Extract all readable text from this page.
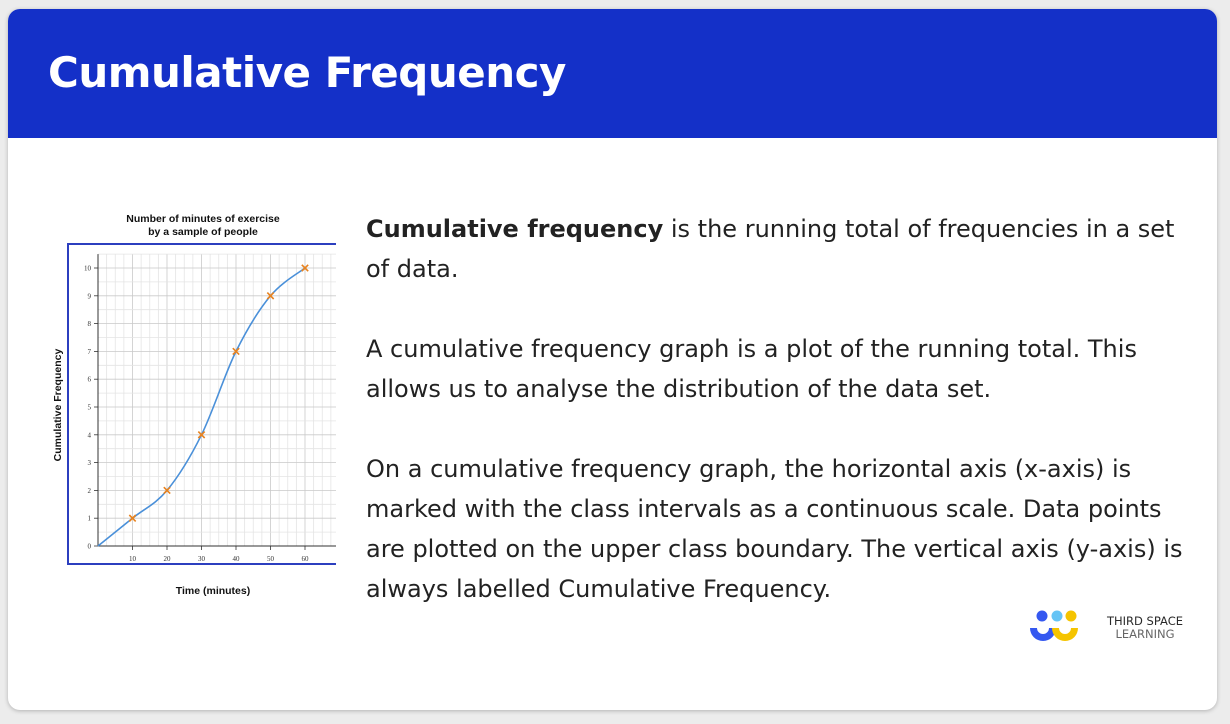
Cumulative Frequency
Number of minutes of exercise
by a sample of people
10	20	30	40	50	60
0
1
2
3
4
5
6
7
8
9
10
Time (minutes)
Cumulative Frequency

Cumulative frequency is the running total of frequencies in a set of data.

A cumulative frequency graph is a plot of the running total. This allows us to analyse the distribution of the data set.

On a cumulative frequency graph, the horizontal axis (x-axis) is marked with the class intervals as a continuous scale. Data points are plotted on the upper class boundary. The vertical axis (y-axis) is always labelled Cumulative Frequency.

THIRD SPACE
LEARNING
